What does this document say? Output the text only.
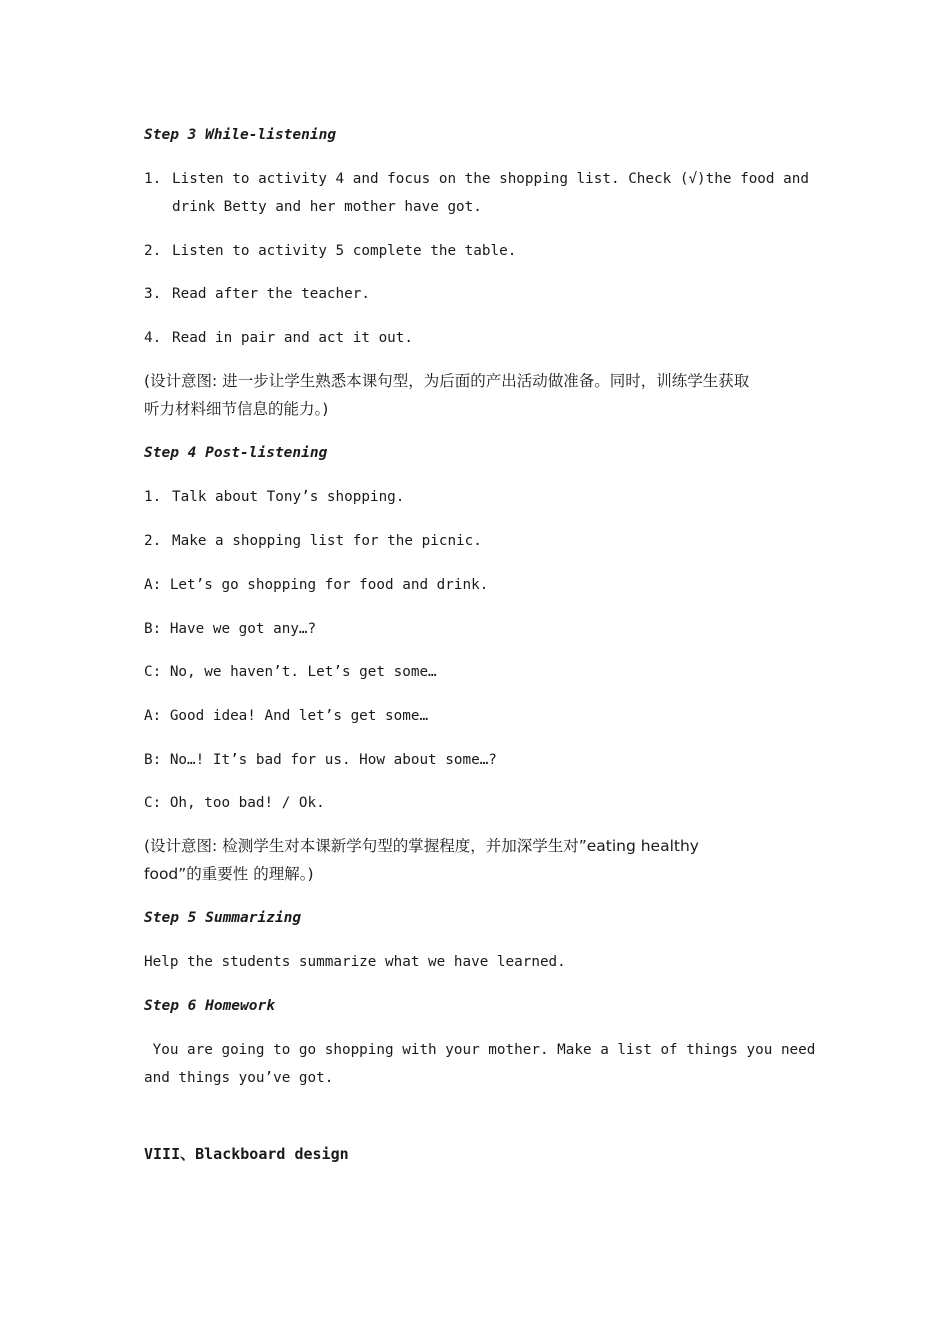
Step 3 While-listening

1. Listen to activity 4 and focus on the shopping list. Check (√)the food and

drink Betty and her mother have got.

2. Listen to activity 5 complete the table.

3. Read after the teacher.

4. Read in pair and act it out.

(设计意图: 进一步让学生熟悉本课句型，为后面的产出活动做准备。同时，训练学生获取

听力材料细节信息的能力。)

Step 4 Post-listening

1. Talk about Tony’s shopping.

2. Make a shopping list for the picnic.

A: Let’s go shopping for food and drink.

B: Have we got any…?

C: No, we haven’t. Let’s get some…

A: Good idea! And let’s get some…

B: No…! It’s bad for us. How about some…?

C: Oh, too bad! / Ok.

(设计意图: 检测学生对本课新学句型的掌握程度，并加深学生对”eating healthy

food”的重要性 的理解。)

Step 5 Summarizing

Help the students summarize what we have learned.

Step 6 Homework

You are going to go shopping with your mother. Make a list of things you need

and things you’ve got.

VIII、Blackboard design
